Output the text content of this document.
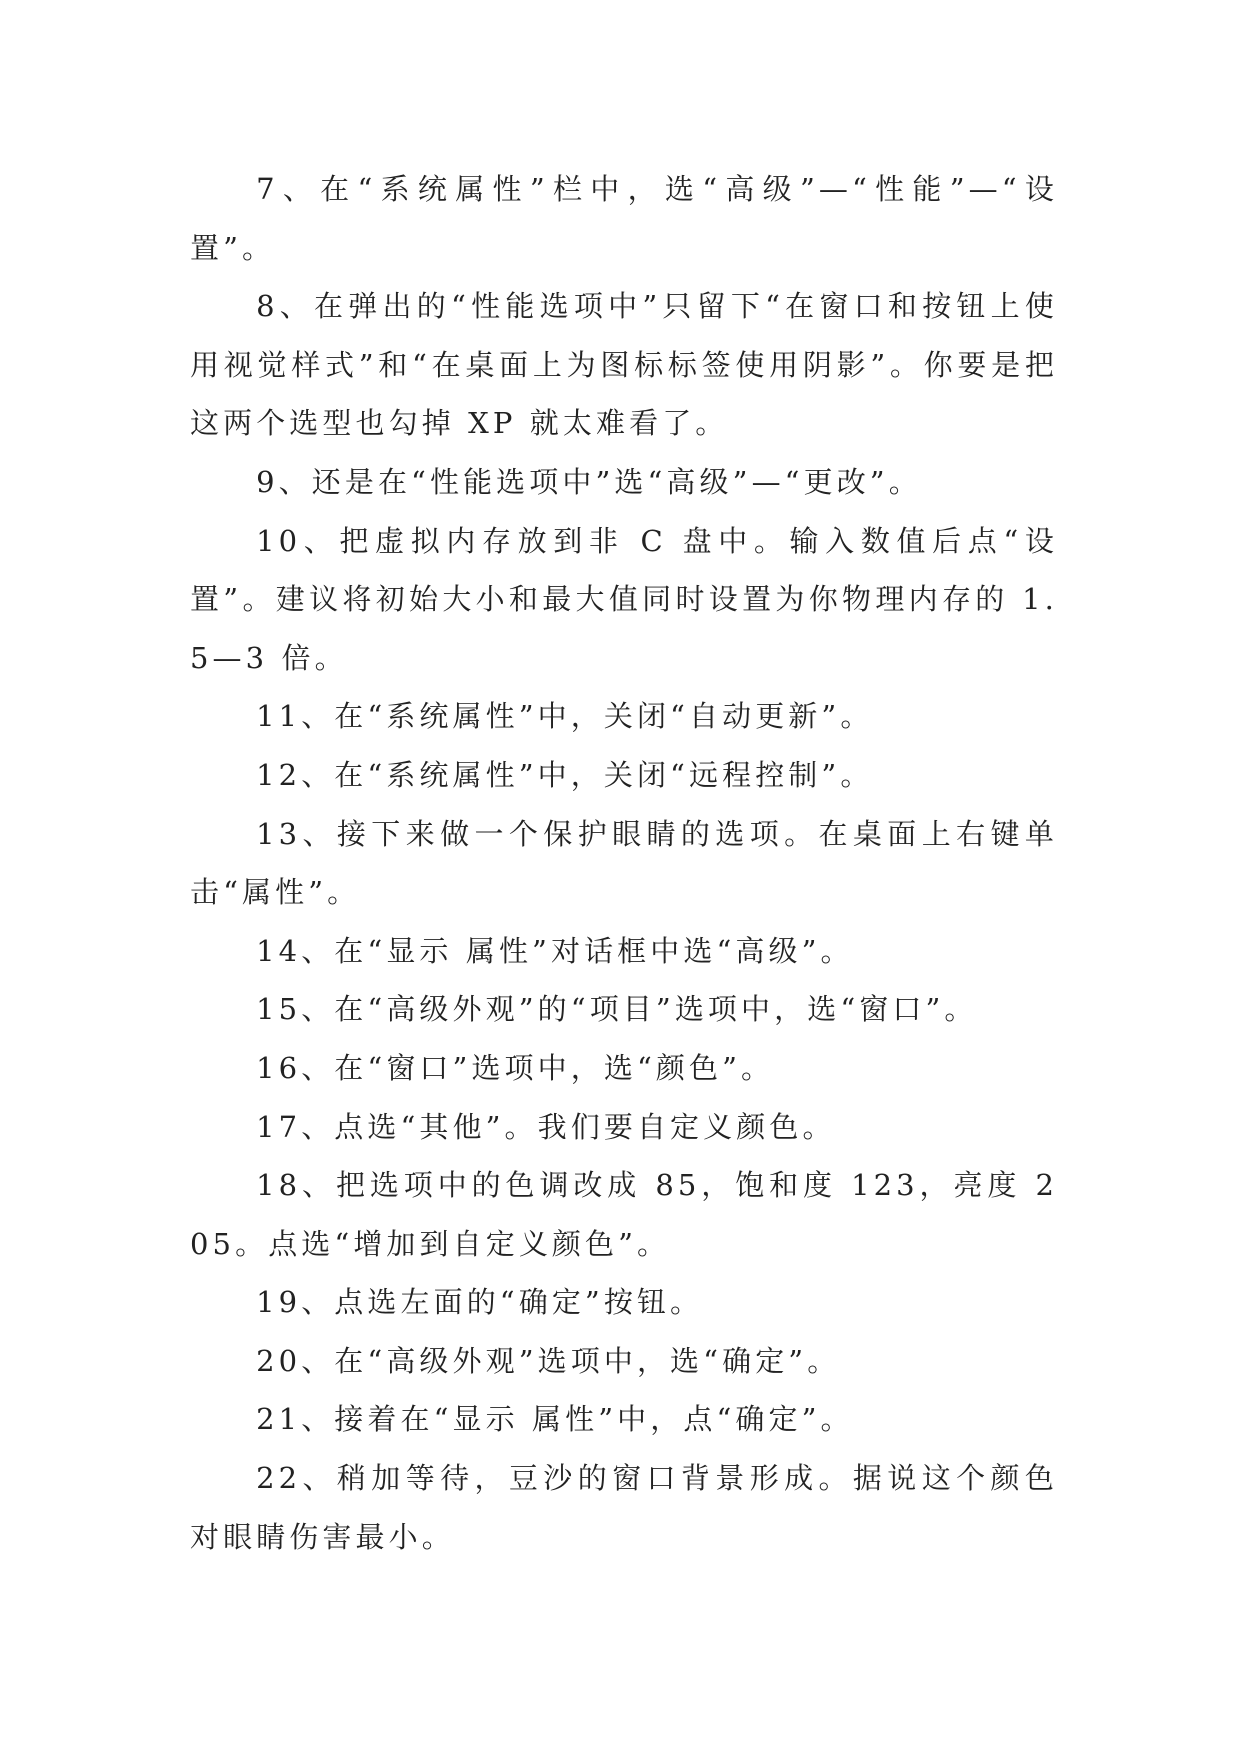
7、在“系统属性”栏中，选“高级”—“性能”—“设置”。

8、在弹出的“性能选项中”只留下“在窗口和按钮上使用视觉样式”和“在桌面上为图标标签使用阴影”。你要是把这两个选型也勾掉 XP 就太难看了。

9、还是在“性能选项中”选“高级”—“更改”。

10、把虚拟内存放到非 C 盘中。输入数值后点“设置”。建议将初始大小和最大值同时设置为你物理内存的 1.5—3 倍。

11、在“系统属性”中，关闭“自动更新”。

12、在“系统属性”中，关闭“远程控制”。

13、接下来做一个保护眼睛的选项。在桌面上右键单击“属性”。

14、在“显示 属性”对话框中选“高级”。

15、在“高级外观”的“项目”选项中，选“窗口”。

16、在“窗口”选项中，选“颜色”。

17、点选“其他”。我们要自定义颜色。

18、把选项中的色调改成 85，饱和度 123，亮度 205。点选“增加到自定义颜色”。

19、点选左面的“确定”按钮。

20、在“高级外观”选项中，选“确定”。

21、接着在“显示 属性”中，点“确定”。

22、稍加等待，豆沙的窗口背景形成。据说这个颜色对眼睛伤害最小。
